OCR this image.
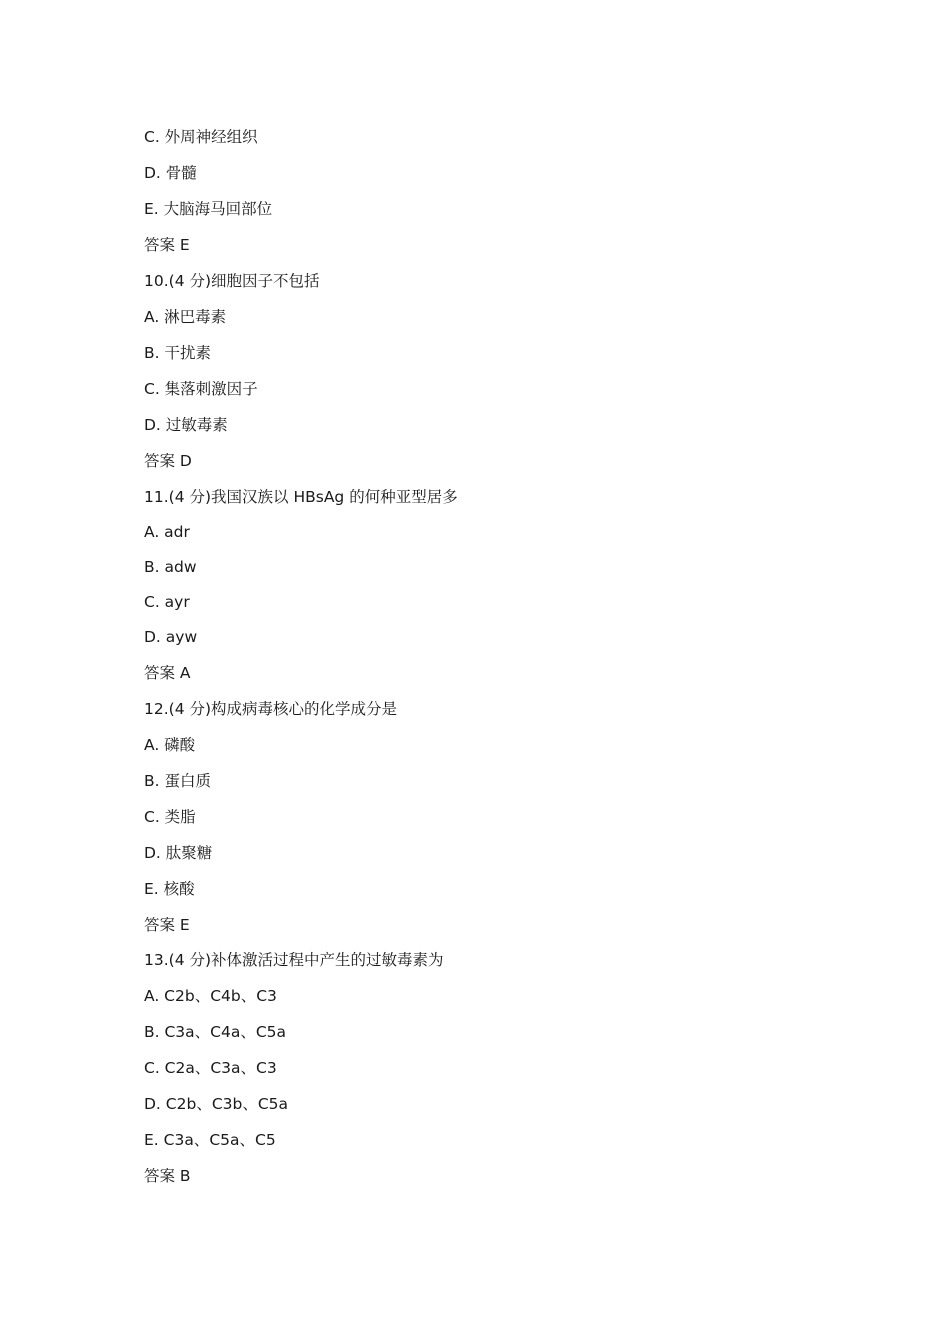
C. 外周神经组织
D. 骨髓
E. 大脑海马回部位
答案 E
10.(4 分)细胞因子不包括
A. 淋巴毒素
B. 干扰素
C. 集落刺激因子
D. 过敏毒素
答案 D
11.(4 分)我国汉族以 HBsAg 的何种亚型居多
A. adr
B. adw
C. ayr
D. ayw
答案 A
12.(4 分)构成病毒核心的化学成分是
A. 磷酸
B. 蛋白质
C. 类脂
D. 肽聚糖
E. 核酸
答案 E
13.(4 分)补体激活过程中产生的过敏毒素为
A. C2b、C4b、C3
B. C3a、C4a、C5a
C. C2a、C3a、C3
D. C2b、C3b、C5a
E. C3a、C5a、C5
答案 B
